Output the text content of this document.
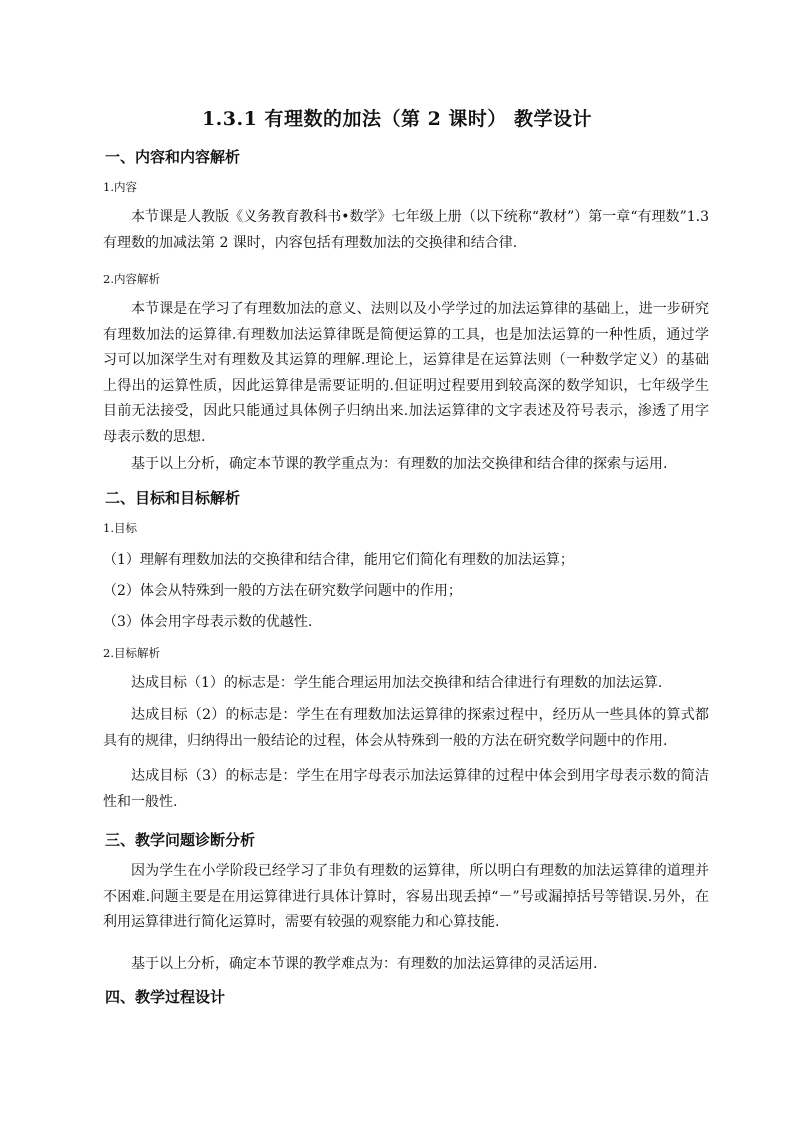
1.3.1 有理数的加法（第 2 课时） 教学设计
一、内容和内容解析
1.内容
本节课是人教版《义务教育教科书•数学》七年级上册（以下统称“教材”）第一章“有理数”1.3 有理数的加减法第 2 课时，内容包括有理数加法的交换律和结合律.
2.内容解析
本节课是在学习了有理数加法的意义、法则以及小学学过的加法运算律的基础上，进一步研究有理数加法的运算律.有理数加法运算律既是简便运算的工具，也是加法运算的一种性质，通过学习可以加深学生对有理数及其运算的理解.理论上，运算律是在运算法则（一种数学定义）的基础上得出的运算性质，因此运算律是需要证明的.但证明过程要用到较高深的数学知识，七年级学生目前无法接受，因此只能通过具体例子归纳出来.加法运算律的文字表述及符号表示，渗透了用字母表示数的思想.
基于以上分析，确定本节课的教学重点为：有理数的加法交换律和结合律的探索与运用.
二、目标和目标解析
1.目标
（1）理解有理数加法的交换律和结合律，能用它们简化有理数的加法运算；
（2）体会从特殊到一般的方法在研究数学问题中的作用；
（3）体会用字母表示数的优越性.
2.目标解析
达成目标（1）的标志是：学生能合理运用加法交换律和结合律进行有理数的加法运算.
达成目标（2）的标志是：学生在有理数加法运算律的探索过程中，经历从一些具体的算式都具有的规律，归纳得出一般结论的过程，体会从特殊到一般的方法在研究数学问题中的作用.
达成目标（3）的标志是：学生在用字母表示加法运算律的过程中体会到用字母表示数的简洁性和一般性.
三、教学问题诊断分析
因为学生在小学阶段已经学习了非负有理数的运算律，所以明白有理数的加法运算律的道理并不困难.问题主要是在用运算律进行具体计算时，容易出现丢掉“－”号或漏掉括号等错误.另外，在利用运算律进行简化运算时，需要有较强的观察能力和心算技能.
基于以上分析，确定本节课的教学难点为：有理数的加法运算律的灵活运用.
四、教学过程设计
